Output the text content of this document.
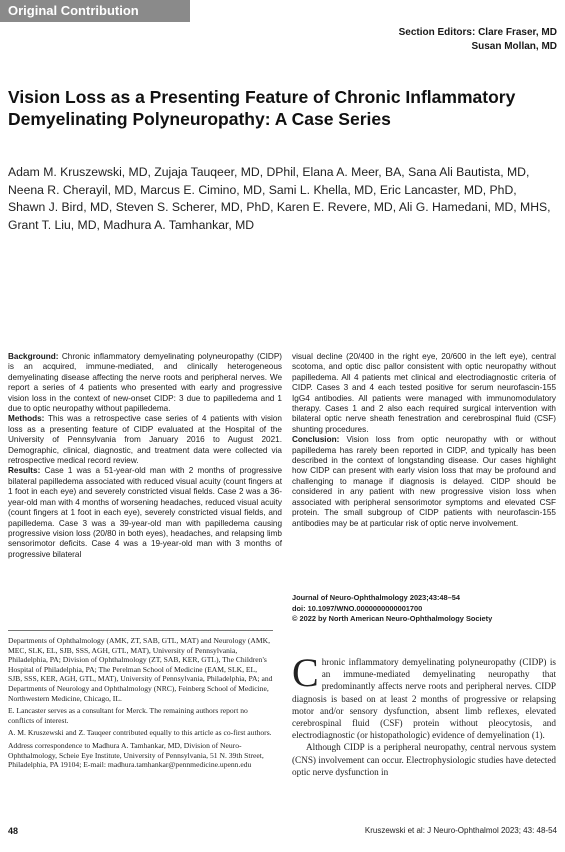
Original Contribution
Section Editors: Clare Fraser, MD
Susan Mollan, MD
Vision Loss as a Presenting Feature of Chronic Inflammatory Demyelinating Polyneuropathy: A Case Series
Adam M. Kruszewski, MD, Zujaja Tauqeer, MD, DPhil, Elana A. Meer, BA, Sana Ali Bautista, MD, Neena R. Cherayil, MD, Marcus E. Cimino, MD, Sami L. Khella, MD, Eric Lancaster, MD, PhD, Shawn J. Bird, MD, Steven S. Scherer, MD, PhD, Karen E. Revere, MD, Ali G. Hamedani, MD, MHS, Grant T. Liu, MD, Madhura A. Tamhankar, MD

Background: Chronic inflammatory demyelinating polyneuropathy (CIDP) is an acquired, immune-mediated, and clinically heterogeneous demyelinating disease affecting the nerve roots and peripheral nerves. We report a series of 4 patients who presented with early and progressive vision loss in the context of new-onset CIDP: 3 due to papilledema and 1 due to optic neuropathy without papilledema.

Methods: This was a retrospective case series of 4 patients with vision loss as a presenting feature of CIDP evaluated at the Hospital of the University of Pennsylvania from January 2016 to August 2021. Demographic, clinical, diagnostic, and treatment data were collected via retrospective medical record review.

Results: Case 1 was a 51-year-old man with 2 months of progressive bilateral papilledema associated with reduced visual acuity (count fingers at 1 foot in each eye) and severely constricted visual fields. Case 2 was a 36-year-old man with 4 months of worsening headaches, reduced visual acuity (count fingers at 1 foot in each eye), severely constricted visual fields, and papilledema. Case 3 was a 39-year-old man with papilledema causing progressive vision loss (20/80 in both eyes), headaches, and relapsing limb sensorimotor deficits. Case 4 was a 19-year-old man with 3 months of progressive bilateral

visual decline (20/400 in the right eye, 20/600 in the left eye), central scotoma, and optic disc pallor consistent with optic neuropathy without papilledema. All 4 patients met clinical and electrodiagnostic criteria of CIDP. Cases 3 and 4 each tested positive for serum neurofascin-155 IgG4 antibodies. All patients were managed with immunomodulatory therapy. Cases 1 and 2 also each required surgical intervention with bilateral optic nerve sheath fenestration and cerebrospinal fluid (CSF) shunting procedures.

Conclusion: Vision loss from optic neuropathy with or without papilledema has rarely been reported in CIDP, and typically has been described in the context of longstanding disease. Our cases highlight how CIDP can present with early vision loss that may be profound and challenging to manage if diagnosis is delayed. CIDP should be considered in any patient with new progressive vision loss when associated with peripheral sensorimotor symptoms and elevated CSF protein. The small subgroup of CIDP patients with neurofascin-155 antibodies may be at particular risk of optic nerve involvement.

Journal of Neuro-Ophthalmology 2023;43:48–54
doi: 10.1097/WNO.0000000000001700
© 2022 by North American Neuro-Ophthalmology Society

Departments of Ophthalmology (AMK, ZT, SAB, GTL, MAT) and Neurology (AMK, MEC, SLK, EL, SJB, SSS, AGH, GTL, MAT), University of Pennsylvania, Philadelphia, PA; Division of Ophthalmology (ZT, SAB, KER, GTL), The Children's Hospital of Philadelphia, PA; The Perelman School of Medicine (EAM, SLK, EL, SJB, SSS, KER, AGH, GTL, MAT), University of Pennsylvania, Philadelphia, PA; and Departments of Neurology and Ophthalmology (NRC), Feinberg School of Medicine, Northwestern Medicine, Chicago, IL.

E. Lancaster serves as a consultant for Merck. The remaining authors report no conflicts of interest.

A. M. Kruszewski and Z. Tauqeer contributed equally to this article as co-first authors.

Address correspondence to Madhura A. Tamhankar, MD, Division of Neuro-Ophthalmology, Scheie Eye Institute, University of Pennsylvania, 51 N. 39th Street, Philadelphia, PA 19104; E-mail: madhura.tamhankar@pennmedicine.upenn.edu

Chronic inflammatory demyelinating polyneuropathy (CIDP) is an immune-mediated demyelinating neuropathy that predominantly affects nerve roots and peripheral nerves. CIDP diagnosis is based on at least 2 months of progressive or relapsing motor and/or sensory dysfunction, absent limb reflexes, elevated cerebrospinal fluid (CSF) protein without pleocytosis, and electrodiagnostic (or histopathologic) evidence of demyelination (1).

Although CIDP is a peripheral neuropathy, central nervous system (CNS) involvement can occur. Electrophysiologic studies have detected optic nerve dysfunction in

48	Kruszewski et al: J Neuro-Ophthalmol 2023; 43: 48-54
